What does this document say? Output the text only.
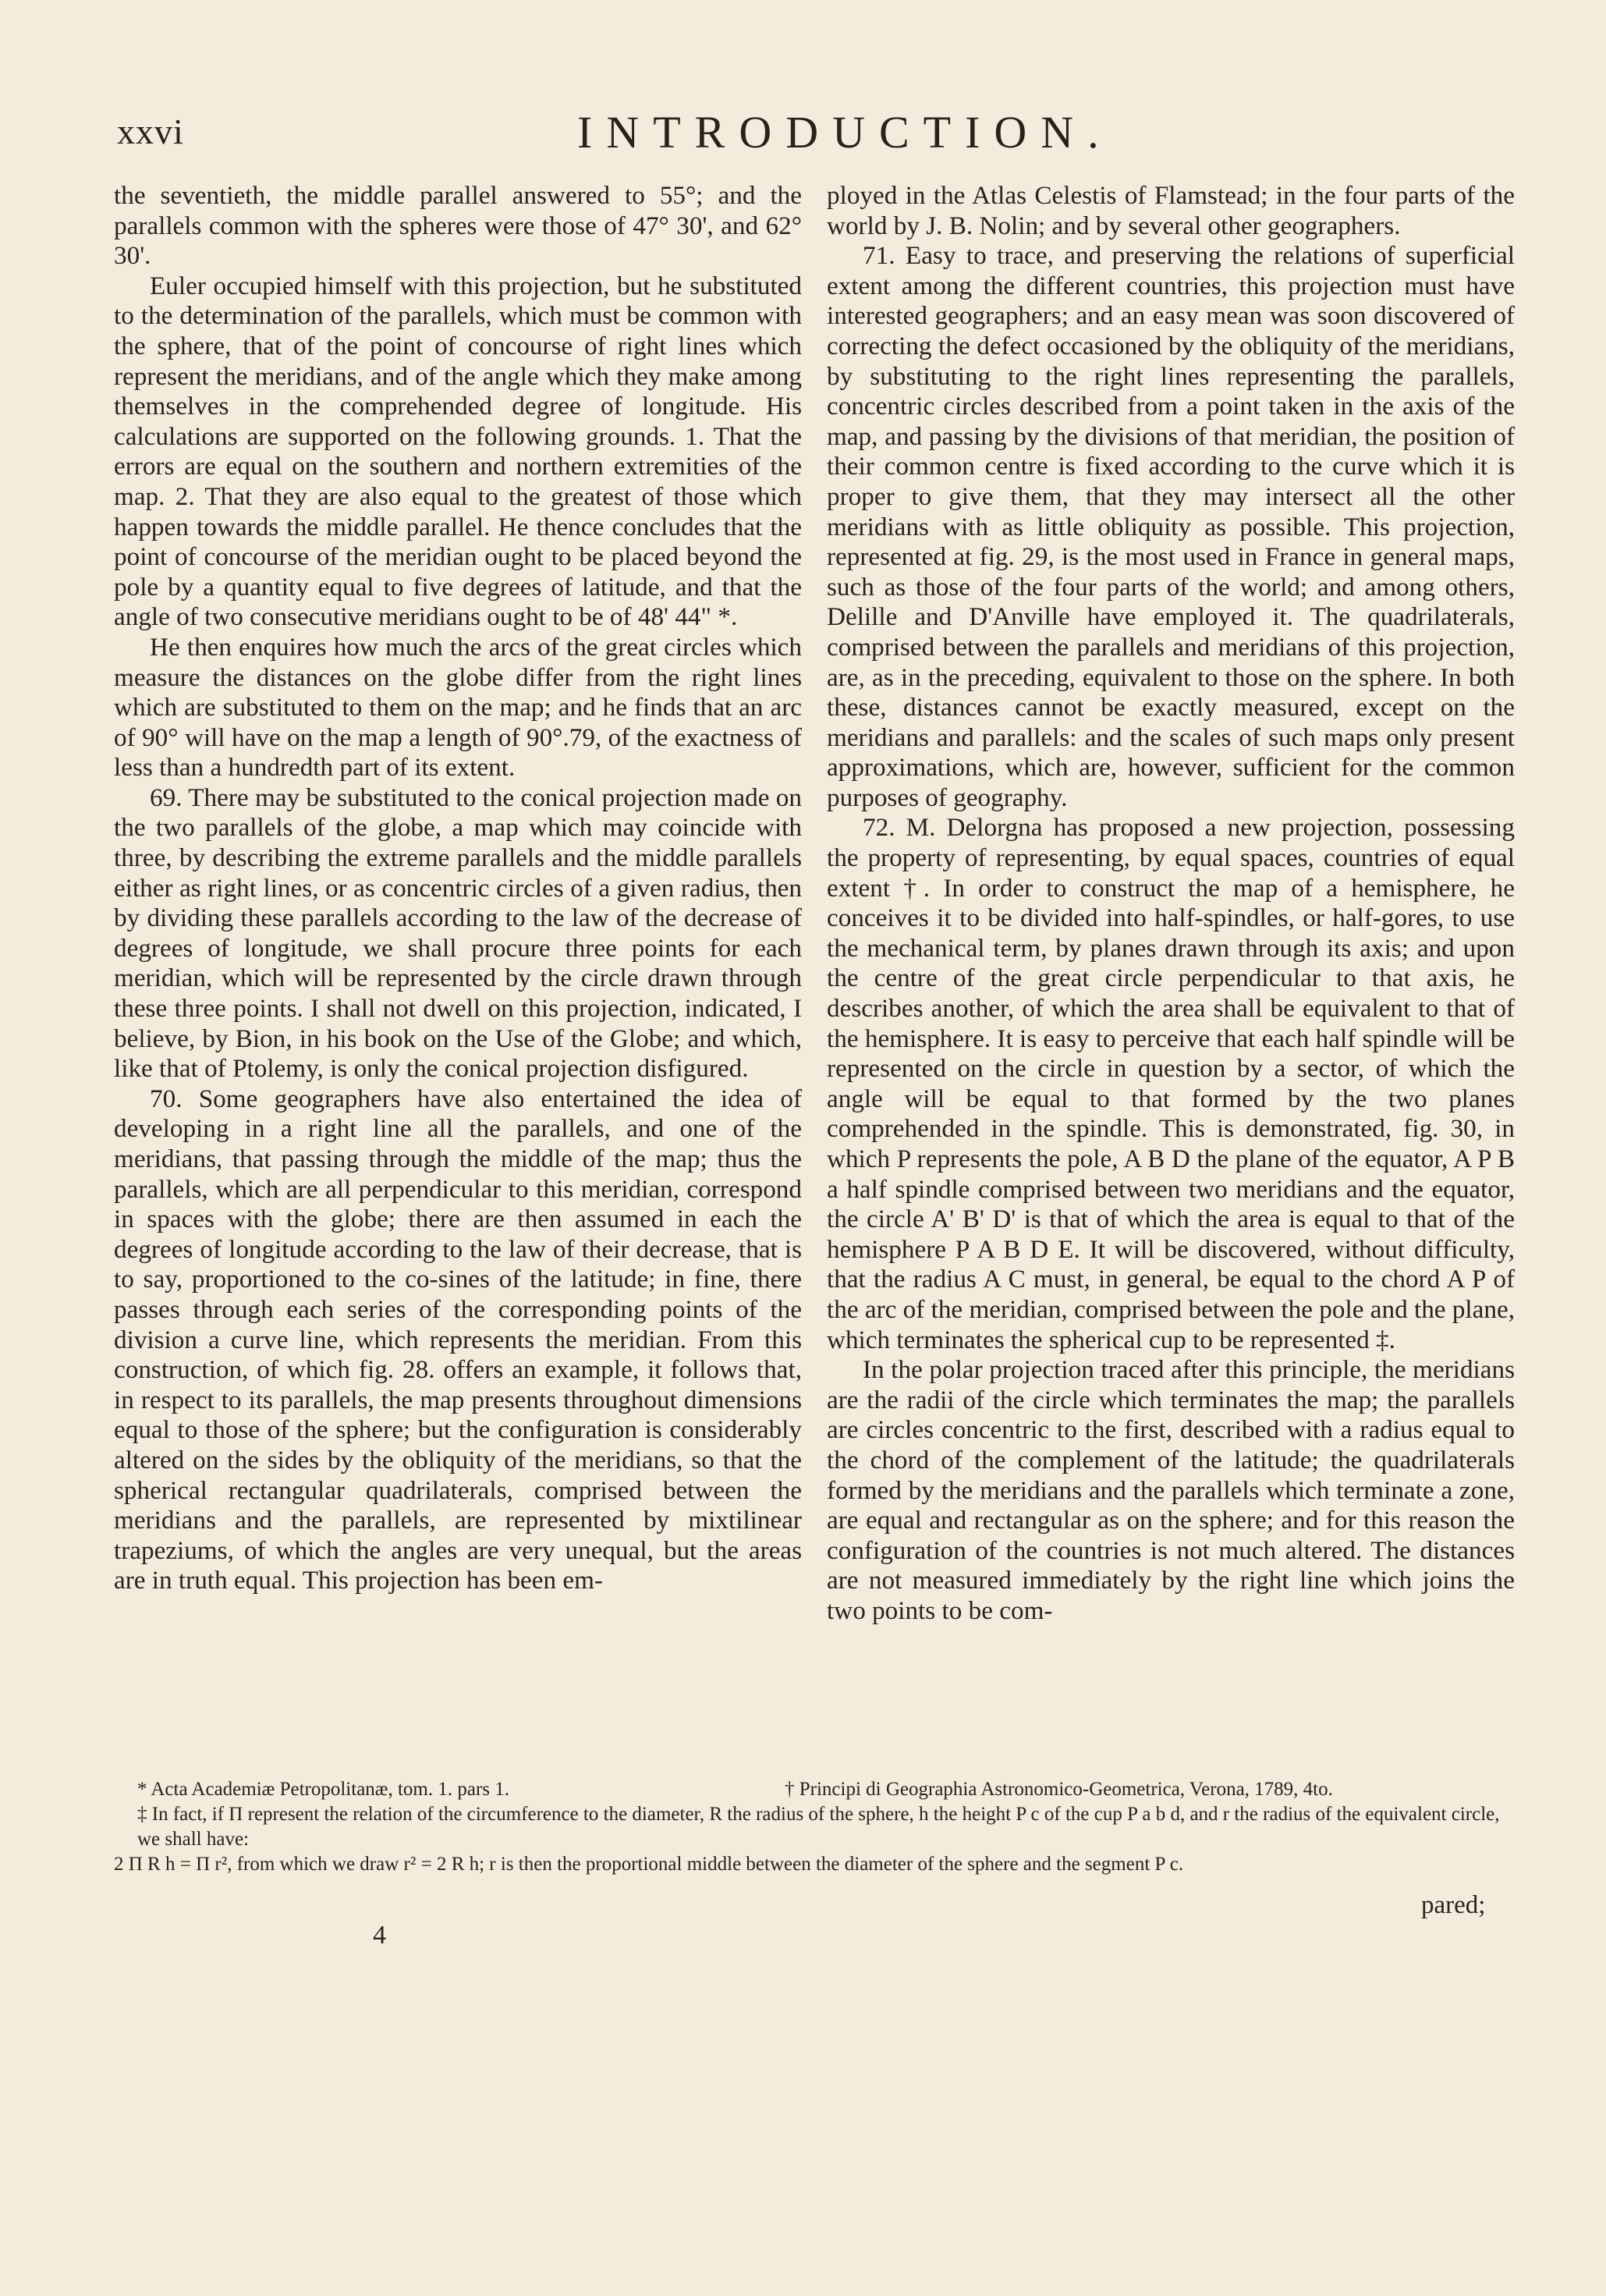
xxvi	INTRODUCTION.

the seventieth, the middle parallel answered to 55°; and the parallels common with the spheres were those of 47° 30', and 62° 30'.

Euler occupied himself with this projection, but he substituted to the determination of the parallels, which must be common with the sphere, that of the point of concourse of right lines which represent the meridians, and of the angle which they make among themselves in the comprehended degree of longitude. His calculations are supported on the following grounds. 1. That the errors are equal on the southern and northern extremities of the map. 2. That they are also equal to the greatest of those which happen towards the middle parallel. He thence concludes that the point of concourse of the meridian ought to be placed beyond the pole by a quantity equal to five degrees of latitude, and that the angle of two consecutive meridians ought to be of 48' 44" *.

He then enquires how much the arcs of the great circles which measure the distances on the globe differ from the right lines which are substituted to them on the map; and he finds that an arc of 90° will have on the map a length of 90°.79, of the exactness of less than a hundredth part of its extent.

69. There may be substituted to the conical projection made on the two parallels of the globe, a map which may coincide with three, by describing the extreme parallels and the middle parallels either as right lines, or as concentric circles of a given radius, then by dividing these parallels according to the law of the decrease of degrees of longitude, we shall procure three points for each meridian, which will be represented by the circle drawn through these three points. I shall not dwell on this projection, indicated, I believe, by Bion, in his book on the Use of the Globe; and which, like that of Ptolemy, is only the conical projection disfigured.

70. Some geographers have also entertained the idea of developing in a right line all the parallels, and one of the meridians, that passing through the middle of the map; thus the parallels, which are all perpendicular to this meridian, correspond in spaces with the globe; there are then assumed in each the degrees of longitude according to the law of their decrease, that is to say, proportioned to the co-sines of the latitude; in fine, there passes through each series of the corresponding points of the division a curve line, which represents the meridian. From this construction, of which fig. 28. offers an example, it follows that, in respect to its parallels, the map presents throughout dimensions equal to those of the sphere; but the configuration is considerably altered on the sides by the obliquity of the meridians, so that the spherical rectangular quadrilaterals, comprised between the meridians and the parallels, are represented by mixtilinear trapeziums, of which the angles are very unequal, but the areas are in truth equal. This projection has been em-

ployed in the Atlas Celestis of Flamstead; in the four parts of the world by J. B. Nolin; and by several other geographers.

71. Easy to trace, and preserving the relations of superficial extent among the different countries, this projection must have interested geographers; and an easy mean was soon discovered of correcting the defect occasioned by the obliquity of the meridians, by substituting to the right lines representing the parallels, concentric circles described from a point taken in the axis of the map, and passing by the divisions of that meridian, the position of their common centre is fixed according to the curve which it is proper to give them, that they may intersect all the other meridians with as little obliquity as possible. This projection, represented at fig. 29, is the most used in France in general maps, such as those of the four parts of the world; and among others, Delille and D'Anville have employed it. The quadrilaterals, comprised between the parallels and meridians of this projection, are, as in the preceding, equivalent to those on the sphere. In both these, distances cannot be exactly measured, except on the meridians and parallels: and the scales of such maps only present approximations, which are, however, sufficient for the common purposes of geography.

72. M. Delorgna has proposed a new projection, possessing the property of representing, by equal spaces, countries of equal extent †. In order to construct the map of a hemisphere, he conceives it to be divided into half-spindles, or half-gores, to use the mechanical term, by planes drawn through its axis; and upon the centre of the great circle perpendicular to that axis, he describes another, of which the area shall be equivalent to that of the hemisphere. It is easy to perceive that each half spindle will be represented on the circle in question by a sector, of which the angle will be equal to that formed by the two planes comprehended in the spindle. This is demonstrated, fig. 30, in which P represents the pole, A B D the plane of the equator, A P B a half spindle comprised between two meridians and the equator, the circle A' B' D' is that of which the area is equal to that of the hemisphere P A B D E. It will be discovered, without difficulty, that the radius A C must, in general, be equal to the chord A P of the arc of the meridian, comprised between the pole and the plane, which terminates the spherical cup to be represented ‡.

In the polar projection traced after this principle, the meridians are the radii of the circle which terminates the map; the parallels are circles concentric to the first, described with a radius equal to the chord of the complement of the latitude; the quadrilaterals formed by the meridians and the parallels which terminate a zone, are equal and rectangular as on the sphere; and for this reason the configuration of the countries is not much altered. The distances are not measured immediately by the right line which joins the two points to be com-

* Acta Academiæ Petropolitanæ, tom. 1. pars 1.	† Principi di Geographia Astronomico-Geometrica, Verona, 1789, 4to.

‡ In fact, if Π represent the relation of the circumference to the diameter, R the radius of the sphere, h the height P c of the cup P a b d, and r the radius of the equivalent circle, we shall have:

2 Π R h = Π r², from which we draw r² = 2 R h; r is then the proportional middle between the diameter of the sphere and the segment P c.

pared;
4
